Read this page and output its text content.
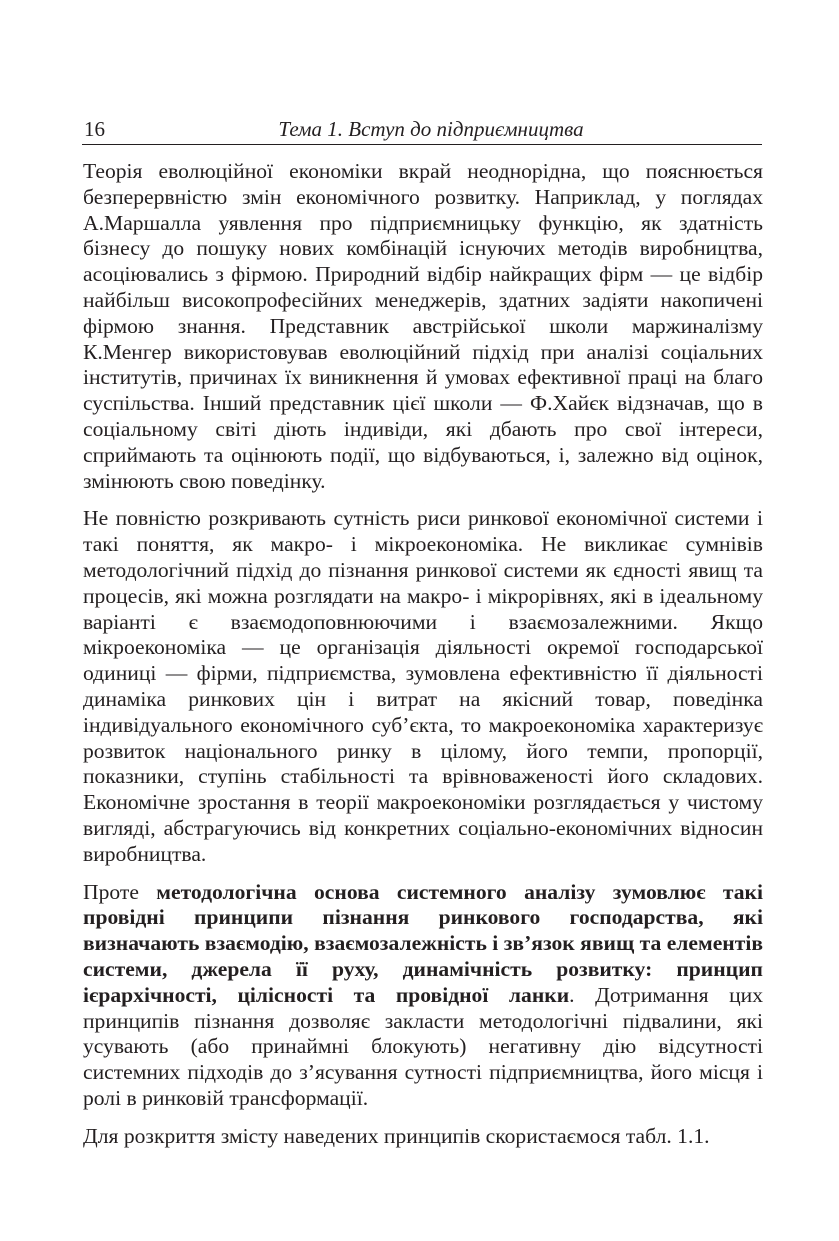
16	Тема 1. Вступ до підприємництва

Теорія еволюційної економіки вкрай неоднорідна, що пояснюється безперервністю змін економічного розвитку. Наприклад, у поглядах А.Маршалла уявлення про підприємницьку функцію, як здатність бізнесу до пошуку нових комбінацій існуючих методів виробництва, асоціювались з фірмою. Природний відбір найкращих фірм — це відбір найбільш високопрофесійних менеджерів, здатних задіяти накопичені фірмою знання. Представник австрійської школи маржиналізму К.Менгер використовував еволюційний підхід при аналізі соціальних інститутів, причинах їх виникнення й умовах ефективної праці на благо суспільства. Інший представник цієї школи — Ф.Хайєк відзначав, що в соціальному світі діють індивіди, які дбають про свої інтереси, сприймають та оцінюють події, що відбуваються, і, залежно від оцінок, змінюють свою поведінку.

Не повністю розкривають сутність риси ринкової економічної системи і такі поняття, як макро- і мікроекономіка. Не викликає сумнівів методологічний підхід до пізнання ринкової системи як єдності явищ та процесів, які можна розглядати на макро- і мікрорівнях, які в ідеальному варіанті є взаємодоповнюючими і взаємозалежними. Якщо мікроекономіка — це організація діяльності окремої господарської одиниці — фірми, підприємства, зумовлена ефективністю її діяльності динаміка ринкових цін і витрат на якісний товар, поведінка індивідуального економічного суб’єкта, то макроекономіка характеризує розвиток національного ринку в цілому, його темпи, пропорції, показники, ступінь стабільності та врівноваженості його складових. Економічне зростання в теорії макроекономіки розглядається у чистому вигляді, абстрагуючись від конкретних соціально-економічних відносин виробництва.

Проте методологічна основа системного аналізу зумовлює такі провідні принципи пізнання ринкового господарства, які визначають взаємодію, взаємозалежність і зв’язок явищ та елементів системи, джерела її руху, динамічність розвитку: принцип ієрархічності, цілісності та провідної ланки. Дотримання цих принципів пізнання дозволяє закласти методологічні підвалини, які усувають (або принаймні блокують) негативну дію відсутності системних підходів до з’ясування сутності підприємництва, його місця і ролі в ринковій трансформації.

Для розкриття змісту наведених принципів скористаємося табл. 1.1.
